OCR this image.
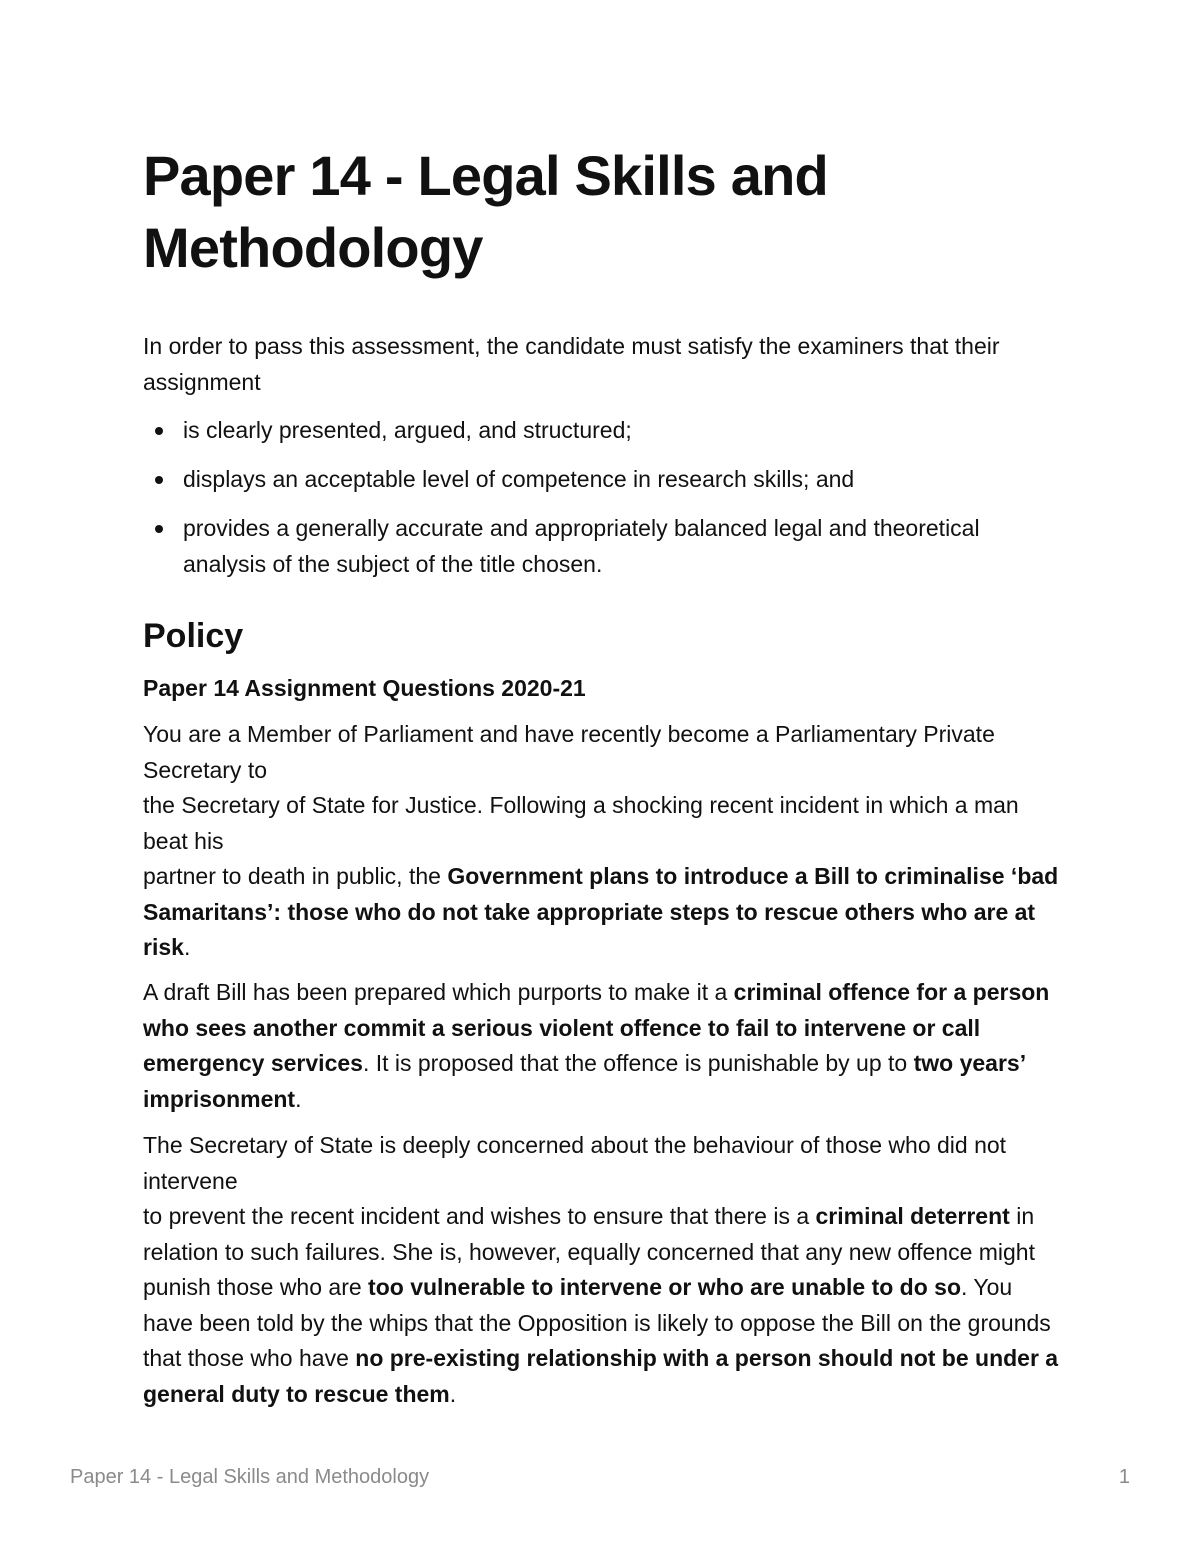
Paper 14 - Legal Skills and Methodology

In order to pass this assessment, the candidate must satisfy the examiners that their assignment

is clearly presented, argued, and structured;
displays an acceptable level of competence in research skills; and
provides a generally accurate and appropriately balanced legal and theoretical analysis of the subject of the title chosen.
Policy
Paper 14 Assignment Questions 2020-21

You are a Member of Parliament and have recently become a Parliamentary Private Secretary to
the Secretary of State for Justice. Following a shocking recent incident in which a man beat his
partner to death in public, the Government plans to introduce a Bill to criminalise ‘bad Samaritans’: those who do not take appropriate steps to rescue others who are at risk.

A draft Bill has been prepared which purports to make it a criminal offence for a person who sees another commit a serious violent offence to fail to intervene or call emergency services. It is proposed that the offence is punishable by up to two years’ imprisonment.

The Secretary of State is deeply concerned about the behaviour of those who did not intervene
to prevent the recent incident and wishes to ensure that there is a criminal deterrent in relation to such failures. She is, however, equally concerned that any new offence might punish those who are too vulnerable to intervene or who are unable to do so. You have been told by the whips that the Opposition is likely to oppose the Bill on the grounds that those who have no pre-existing relationship with a person should not be under a general duty to rescue them.

Paper 14 - Legal Skills and Methodology	1
